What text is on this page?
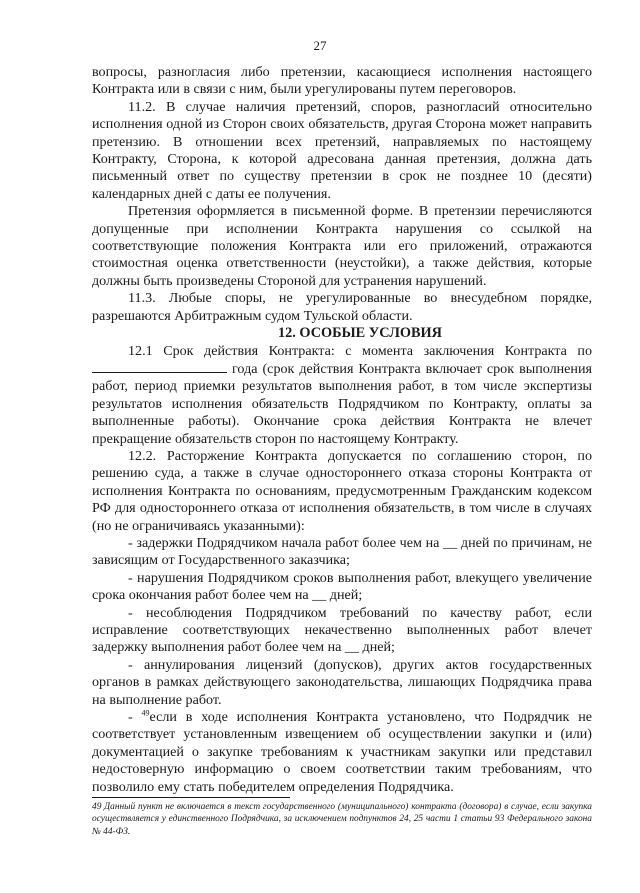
27

вопросы, разногласия либо претензии, касающиеся исполнения настоящего Контракта или в связи с ним, были урегулированы путем переговоров.

11.2. В случае наличия претензий, споров, разногласий относительно исполнения одной из Сторон своих обязательств, другая Сторона может направить претензию. В отношении всех претензий, направляемых по настоящему Контракту, Сторона, к которой адресована данная претензия, должна дать письменный ответ по существу претензии в срок не позднее 10 (десяти) календарных дней с даты ее получения.

Претензия оформляется в письменной форме. В претензии перечисляются допущенные при исполнении Контракта нарушения со ссылкой на соответствующие положения Контракта или его приложений, отражаются стоимостная оценка ответственности (неустойки), а также действия, которые должны быть произведены Стороной для устранения нарушений.

11.3. Любые споры, не урегулированные во внесудебном порядке, разрешаются Арбитражным судом Тульской области.

12. ОСОБЫЕ УСЛОВИЯ

12.1 Срок действия Контракта: с момента заключения Контракта по  года (срок действия Контракта включает срок выполнения работ, период приемки результатов выполнения работ, в том числе экспертизы результатов исполнения обязательств Подрядчиком по Контракту, оплаты за выполненные работы). Окончание срока действия Контракта не влечет прекращение обязательств сторон по настоящему Контракту.

12.2. Расторжение Контракта допускается по соглашению сторон, по решению суда, а также в случае одностороннего отказа стороны Контракта от исполнения Контракта по основаниям, предусмотренным Гражданским кодексом РФ для одностороннего отказа от исполнения обязательств, в том числе в случаях (но не ограничиваясь указанными):

- задержки Подрядчиком начала работ более чем на __ дней по причинам, не зависящим от Государственного заказчика;

- нарушения Подрядчиком сроков выполнения работ, влекущего увеличение срока окончания работ более чем на __ дней;

- несоблюдения Подрядчиком требований по качеству работ, если исправление соответствующих некачественно выполненных работ влечет задержку выполнения работ более чем на __ дней;

- аннулирования лицензий (допусков), других актов государственных органов в рамках действующего законодательства, лишающих Подрядчика права на выполнение работ.

- $^{49}$если в ходе исполнения Контракта установлено, что Подрядчик не соответствует установленным извещением об осуществлении закупки и (или) документацией о закупке требованиям к участникам закупки или представил недостоверную информацию о своем соответствии таким требованиям, что позволило ему стать победителем определения Подрядчика.

49 Данный пункт не включается в текст государственного (муниципального) контракта (договора) в случае, если закупка осуществляется у единственного Подрядчика, за исключением подпунктов 24, 25 части 1 статьи 93 Федерального закона № 44-ФЗ.
